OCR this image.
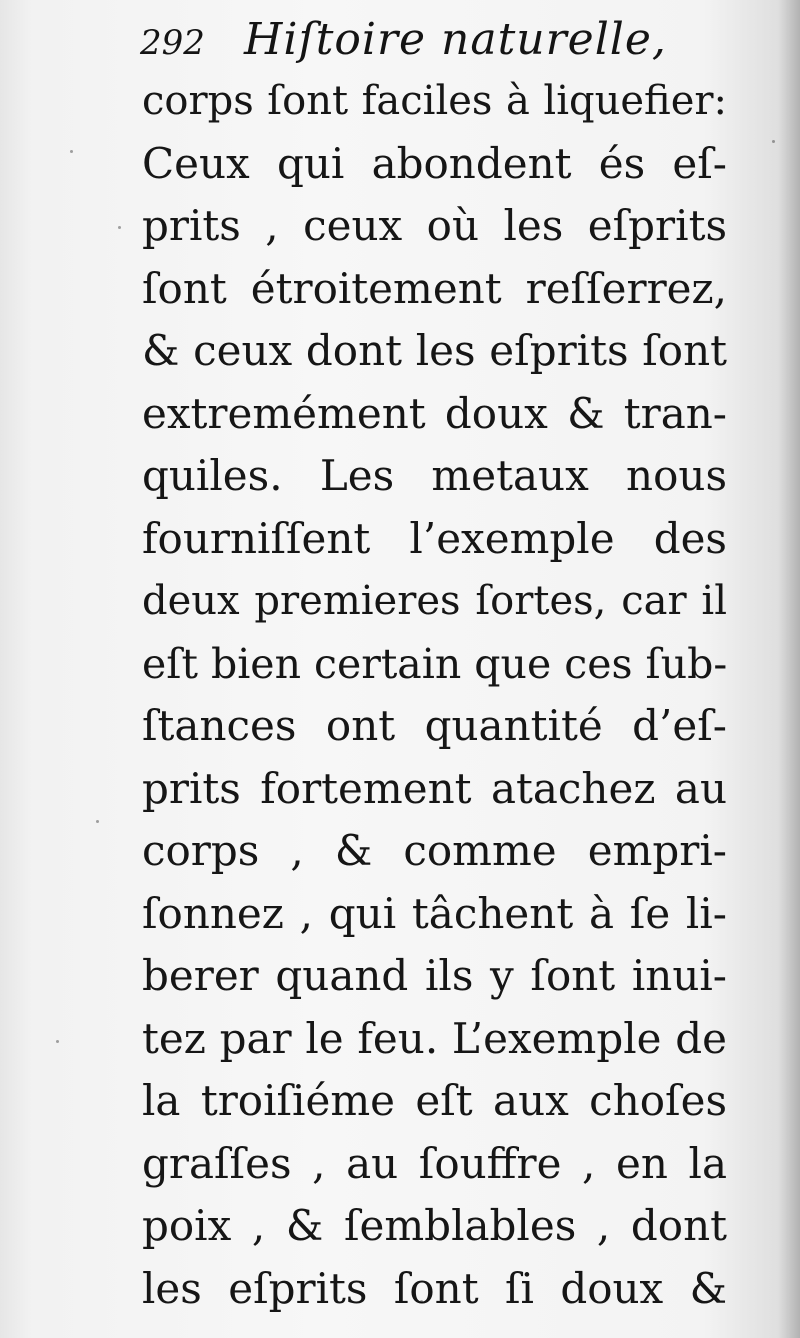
292 Hiſtoire naturelle,
corps ſont faciles à liquefier:
Ceux qui abondent és eſ-
prits , ceux où les eſprits
ſont étroitement reſſerrez,
& ceux dont les eſprits ſont
extremément doux & tran-
quiles. Les metaux nous
fourniſſent l’exemple des
deux premieres ſortes, car il
eſt bien certain que ces ſub-
ſtances ont quantité d’eſ-
prits fortement atachez au
corps , & comme empri-
ſonnez , qui tâchent à ſe li-
berer quand ils y ſont inui-
tez par le feu. L’exemple de
la troiſiéme eſt aux choſes
graſſes , au ſouffre , en la
poix , & ſemblables , dont
les eſprits ſont ſi doux &
